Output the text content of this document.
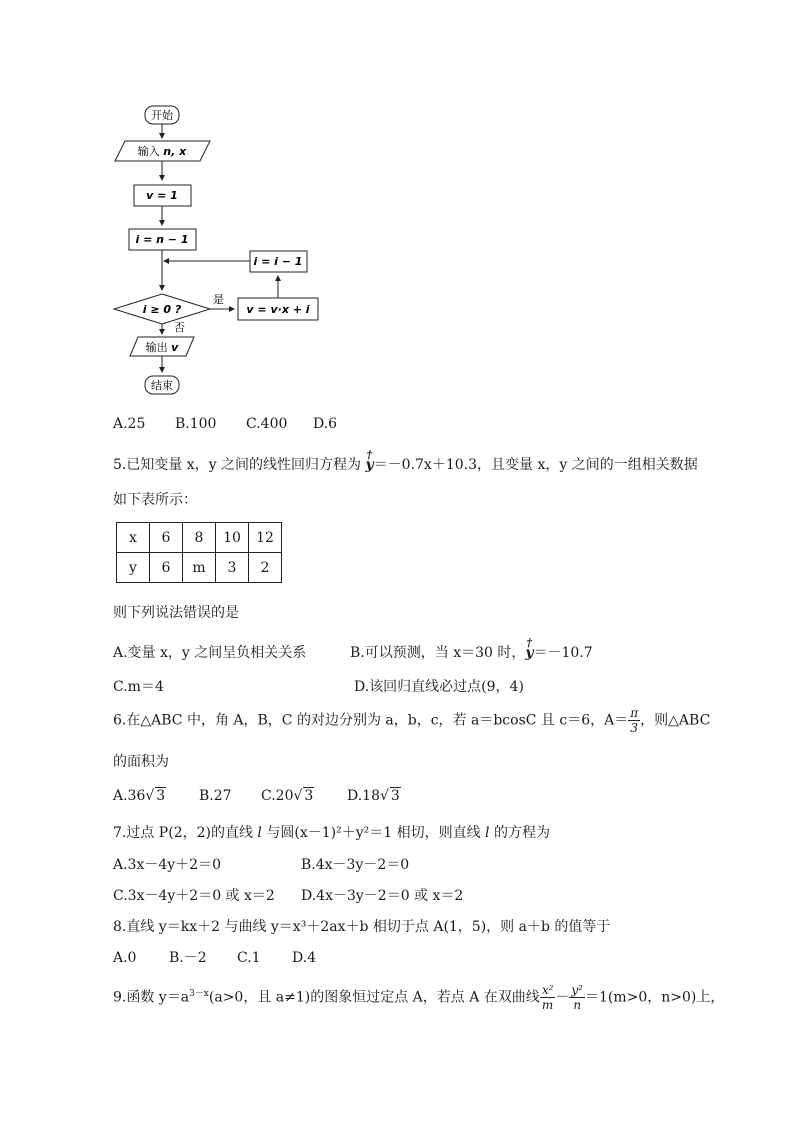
开始
输入 n, x
v = 1
i = n − 1
i = i − 1
i ≥ 0 ?
是
v = v·x + i
否
输出 v
结束
A.25 B.100 C.400 D.6
5.已知变量 x，y 之间的线性回归方程为 † y＝－0.7x＋10.3，且变量 x，y 之间的一组相关数据
如下表所示：
x	6	8	10	12
y	6	m	3	2
则下列说法错误的是
A.变量 x，y 之间呈负相关关系	B.可以预测，当 x＝30 时，† y＝－10.7
C.m＝4	D.该回归直线必过点(9，4)
6.在△ABC 中，角 A，B，C 的对边分别为 a，b，c，若 a＝bcosC 且 c＝6，$A= \frac{\pi}{3}$ ，则△ABC
的面积为
A.36√ 3 B.27 C.20√ 3 D.18√ 3
7.过点 P(2，2)的直线 l 与圆(x－1)²＋y²＝1 相切，则直线 l 的方程为
A.3x－4y＋2＝0	B.4x－3y－2＝0
C.3x－4y＋2＝0 或 x＝2 D.4x－3y－2＝0 或 x＝2
8.直线 y＝kx＋2 与曲线 y＝x³＋2ax＋b 相切于点 A(1，5)，则 a＋b 的值等于
A.0 B.－2 C.1 D.4
9.函数 $y=a^{3-x}(a>0$，且 a≠1)的图象恒过定点 A，若点 A 在双曲线 $\frac{\text{x²}}{m} - \frac{\text{y²}}{n} =1(m>0$，n>0)上，
